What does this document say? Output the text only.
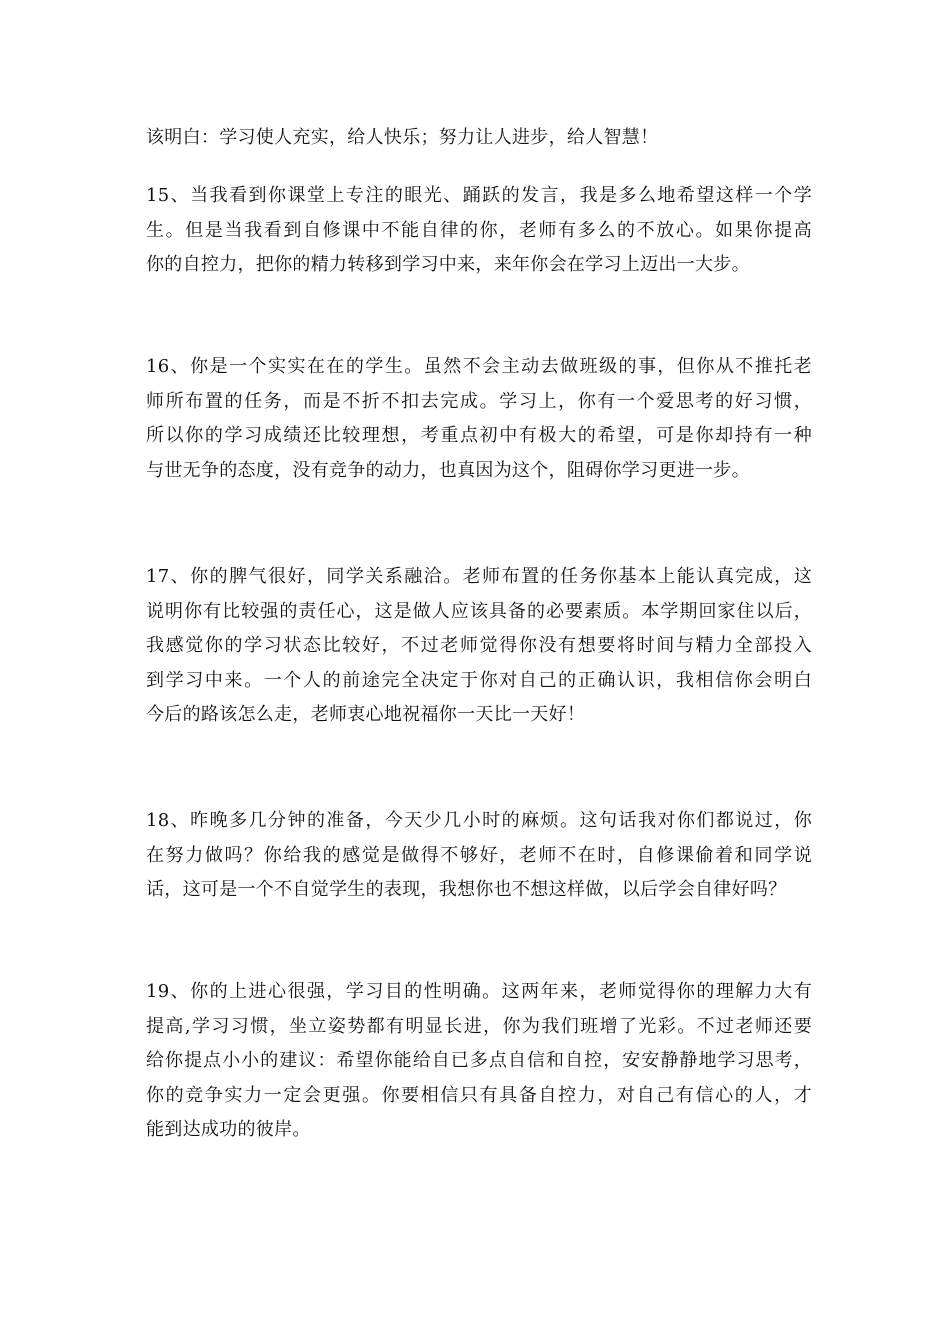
该明白：学习使人充实，给人快乐；努力让人进步，给人智慧！

15、当我看到你课堂上专注的眼光、踊跃的发言，我是多么地希望这样一个学
生。但是当我看到自修课中不能自律的你，老师有多么的不放心。如果你提高
你的自控力，把你的精力转移到学习中来，来年你会在学习上迈出一大步。

16、你是一个实实在在的学生。虽然不会主动去做班级的事，但你从不推托老
师所布置的任务，而是不折不扣去完成。学习上，你有一个爱思考的好习惯，
所以你的学习成绩还比较理想，考重点初中有极大的希望，可是你却持有一种
与世无争的态度，没有竞争的动力，也真因为这个，阻碍你学习更进一步。

17、你的脾气很好，同学关系融洽。老师布置的任务你基本上能认真完成，这
说明你有比较强的责任心，这是做人应该具备的必要素质。本学期回家住以后，
我感觉你的学习状态比较好，不过老师觉得你没有想要将时间与精力全部投入
到学习中来。一个人的前途完全决定于你对自己的正确认识，我相信你会明白
今后的路该怎么走，老师衷心地祝福你一天比一天好！

18、昨晚多几分钟的准备，今天少几小时的麻烦。这句话我对你们都说过，你
在努力做吗？你给我的感觉是做得不够好，老师不在时，自修课偷着和同学说
话，这可是一个不自觉学生的表现，我想你也不想这样做，以后学会自律好吗？

19、你的上进心很强，学习目的性明确。这两年来，老师觉得你的理解力大有
提高,学习习惯，坐立姿势都有明显长进，你为我们班增了光彩。不过老师还要
给你提点小小的建议：希望你能给自已多点自信和自控，安安静静地学习思考，
你的竞争实力一定会更强。你要相信只有具备自控力，对自己有信心的人，才
能到达成功的彼岸。
